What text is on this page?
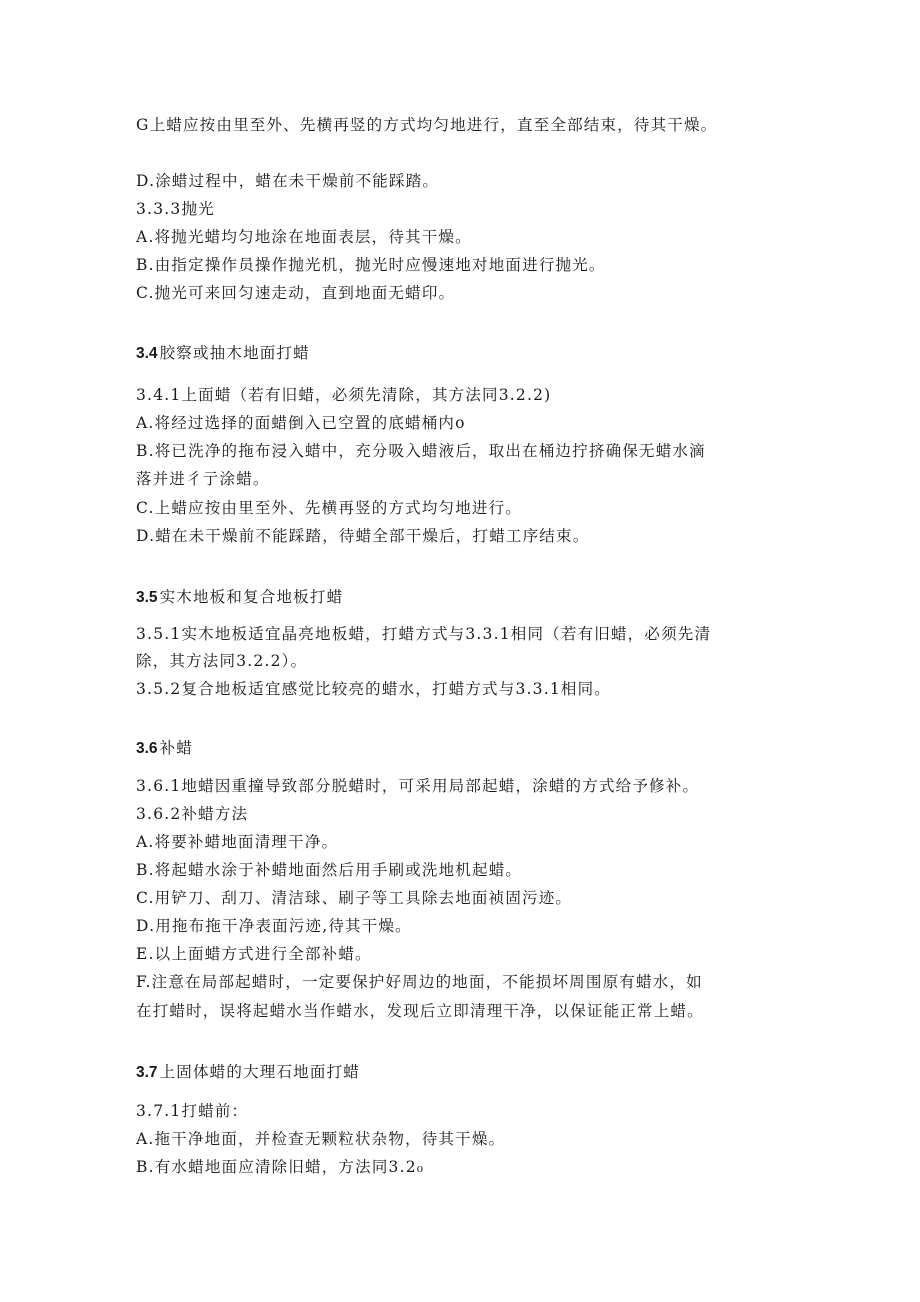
G上蜡应按由里至外、先横再竖的方式均匀地进行，直至全部结束，待其干燥。
D.涂蜡过程中，蜡在未干燥前不能踩踏。
3.3.3抛光
A.将抛光蜡均匀地涂在地面表层，待其干燥。
B.由指定操作员操作抛光机，抛光时应慢速地对地面进行抛光。
C.抛光可来回匀速走动，直到地面无蜡印。
3.4 胶察或抽木地面打蜡
3.4.1上面蜡（若有旧蜡，必须先清除，其方法同3.2.2)
A.将经过选择的面蜡倒入已空置的底蜡桶内o
B.将已洗净的拖布浸入蜡中，充分吸入蜡液后，取出在桶边拧挤确保无蜡水滴
落并进彳亍涂蜡。
C.上蜡应按由里至外、先横再竖的方式均匀地进行。
D.蜡在未干燥前不能踩踏，待蜡全部干燥后，打蜡工序结束。
3.5 实木地板和复合地板打蜡
3.5.1实木地板适宜晶亮地板蜡，打蜡方式与3.3.1相同（若有旧蜡，必须先清
除，其方法同3.2.2）。
3.5.2复合地板适宜感觉比较亮的蜡水，打蜡方式与3.3.1相同。
3.6 补蜡
3.6.1地蜡因重撞导致部分脱蜡时，可采用局部起蜡，涂蜡的方式给予修补。
3.6.2补蜡方法
A.将要补蜡地面清理干净。
B.将起蜡水涂于补蜡地面然后用手刷或洗地机起蜡。
C.用铲刀、刮刀、清洁球、刷子等工具除去地面祯固污迹。
D.用拖布拖干净表面污迹,待其干燥。
E.以上面蜡方式进行全部补蜡。
F.注意在局部起蜡时，一定要保护好周边的地面，不能损坏周围原有蜡水，如
在打蜡时，误将起蜡水当作蜡水，发现后立即清理干净，以保证能正常上蜡。
3.7 上固体蜡的大理石地面打蜡
3.7.1打蜡前：
A.拖干净地面，并检查无颗粒状杂物，待其干燥。
B.有水蜡地面应清除旧蜡，方法同3.2₀
